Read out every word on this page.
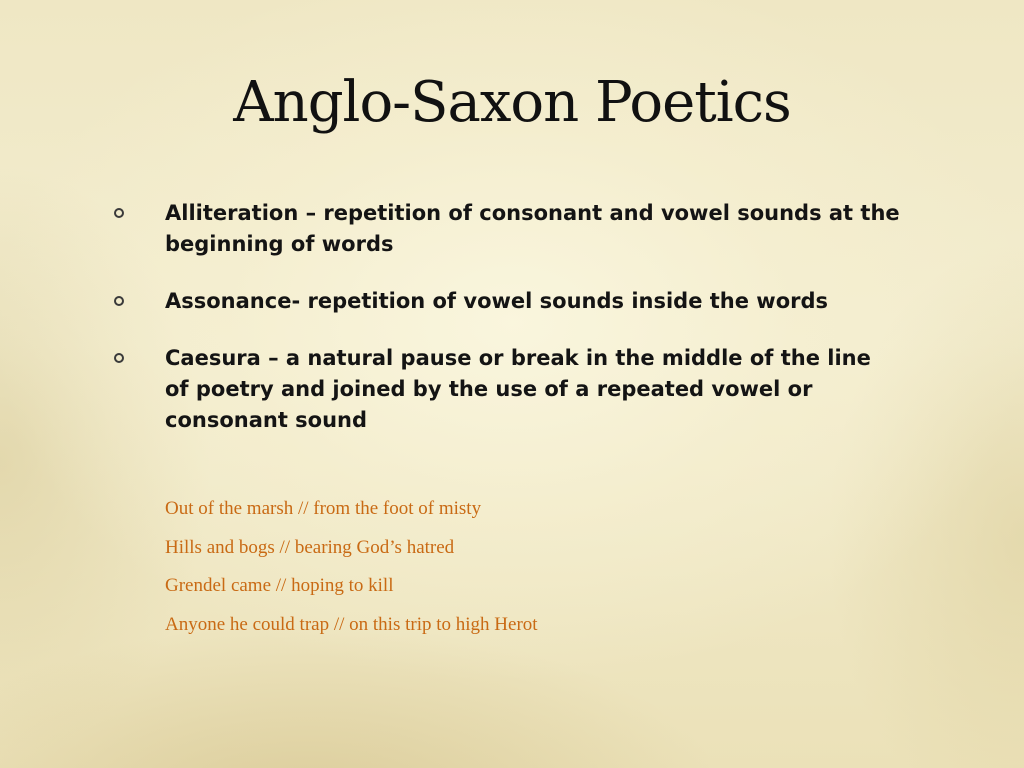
Anglo-Saxon Poetics
Alliteration – repetition of consonant and vowel sounds at the beginning of words
Assonance- repetition of vowel sounds inside the words
Caesura – a natural pause or break in the middle of the line of poetry and joined by the use of a repeated vowel or consonant sound
Out of the marsh // from the foot of misty
Hills and bogs // bearing God’s hatred
Grendel came // hoping to kill
Anyone he could trap // on this trip to high Herot
